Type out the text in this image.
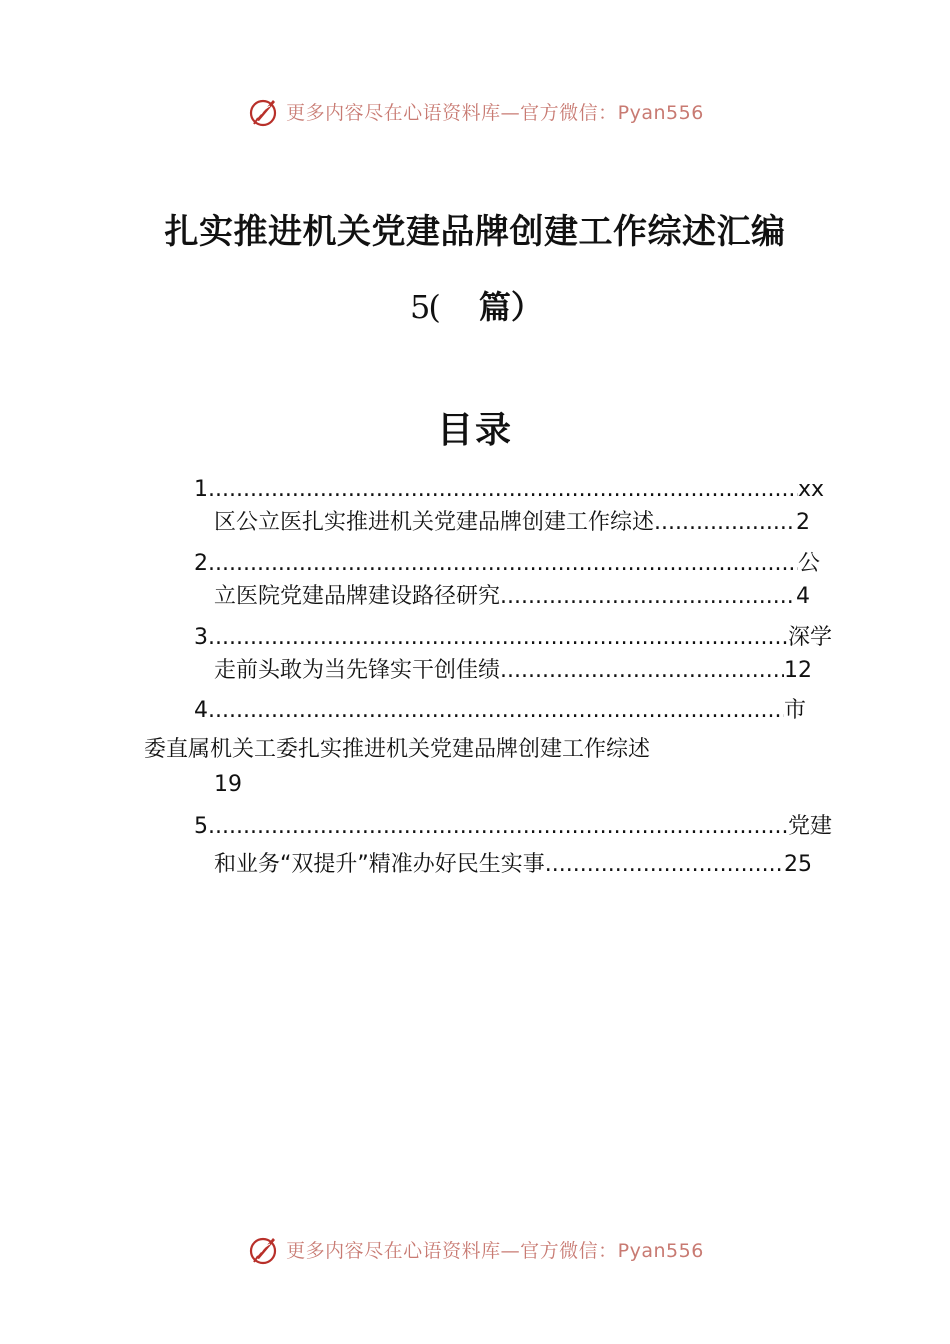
更多内容尽在心语资料库—官方微信：Pyan556
扎实推进机关党建品牌创建工作综述汇编
5( 篇）
目录
1 .....	xx
区公立医扎实推进机关党建品牌创建工作综述 .....	2
2 .....	公
立医院党建品牌建设路径研究 .....	4
3 .....	深学
走前头敢为当先锋实干创佳绩 .....	12
4 .....	市
委直属机关工委扎实推进机关党建品牌创建工作综述
19
5 .....	党建
和业务“双提升”精准办好民生实事 .....	25
更多内容尽在心语资料库—官方微信：Pyan556
